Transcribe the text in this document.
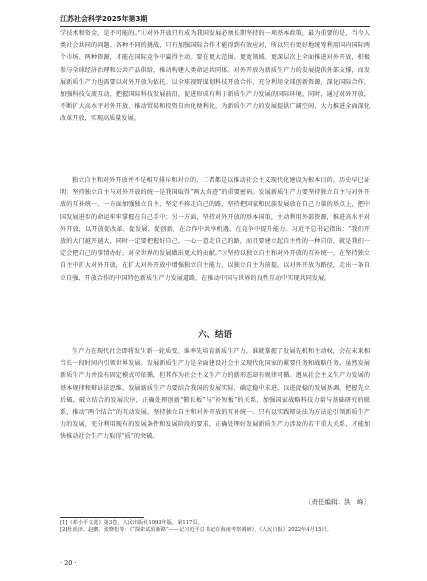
江苏社会科学2025年第3期

学技术和资金，是不可能的。”①对外开放只有成为我国发展必须长期坚持的一项基本政策，最为重要的是，当今人类社会共同的问题、各种不同的挑战，只有加强国际合作才能得到有效应对，所以只有更好地统筹利用国内国际两个市场、两种资源，才能在国际竞争中赢得主动。要在更大范围、更宽领域、更深层次上全面推进对外开放，积极参与全球经济治理和公共产品供给，推动构建人类命运共同体。对外开放为新质生产力的发展提供外部支撑，而发展新质生产力也需要以对外开放为依托。以全球视野谋划科技开放合作，充分利用全球创新资源，深化国际合作，加强科技交流互动，把握国际科技发展前沿，促进形成有利于新质生产力发展的国际环境。同时，通过对外开放，不断扩大高水平对外开放，推动贸易和投资自由化便利化，为新质生产力的发展提供广阔空间，大力推进全面深化改革开放，实现高质量发展。

独立自主和对外开放并不是相互排斥和对立的，二者都是以推动社会主义现代化建设为根本目的。历史早已证明：坚持独立自主与对外开放的统一是我国取得“两大奇迹”的重要密码。发展新质生产力要坚持独立自主与对外开放的互补统一。一方面加强独立自主，坚定不移走自己的路，坚持把国家和民族发展放在自己力量的基点上，把中国发展进步的命运牢牢掌握在自己手中；另一方面，坚持对外开放的基本国策，主动利用外部资源，推进高水平对外开放，以开放促改革、促发展、促创新，在合作中共享机遇、在竞争中提升能力。习近平总书记指出：“我们开放的大门越开越大，同时一定要把握好自己，一心一意走自己的路，而且要建立起自主性的一种自信，就是我们一定会把自己的事情办好，对全世界的发展做出更大的贡献。”③坚持以独立自主和对外开放的互补统一，在坚持独立自主中扩大对外开放，在扩大对外开放中增强独立自主能力，以独立自主为前提，以对外开放为路径，走出一条自立自强、开放合作的中国特色新质生产力发展道路，在推动中国与世界的良性互动中实现共同发展。

六、结语

生产力在现代社会即将发生新一轮质变。谁率先培育新质生产力，谁就掌握了发展先机和主动权，会在未来相当长一段时间内引领世界发展。发展新质生产力是全面建设社会主义现代化国家的紧要任务和战略任务。虽然发展新质生产力并没有固定模式可依循，但其作为社会主义生产力的新形态却有规律可循。遵从社会主义生产力发展的基本规律和辩证法思维，发展新质生产力要结合我国的发展实际，确定稳中求进、以进促稳的发展基调，把握先立后破、破立结合的发展次序，正确处理创新“锻长板”与“补短板”的关系，加强国家战略科技力量与基础研究的联系，推动“两个结合”的互动发展，坚持独立自主和对外开放的互补统一。只有以实践辩证法为方法论引领新质生产力的发展，充分利用现有的发展条件和发展阶段的要求，正确处理好发展新质生产力涉及的若干重大关系，才能加快推动社会生产力取得“质”的突破。

〔责任编辑：洪　峰〕
[1]《邓小平文选》第3卷，人民出版社1993年版，第117页。
[2]杜尚泽、赵鹏、张晓松等：《“探索试验新路”——记习近平总书记在海南考察调研》，《人民日报》2022年4月15日。
· 20 ·
